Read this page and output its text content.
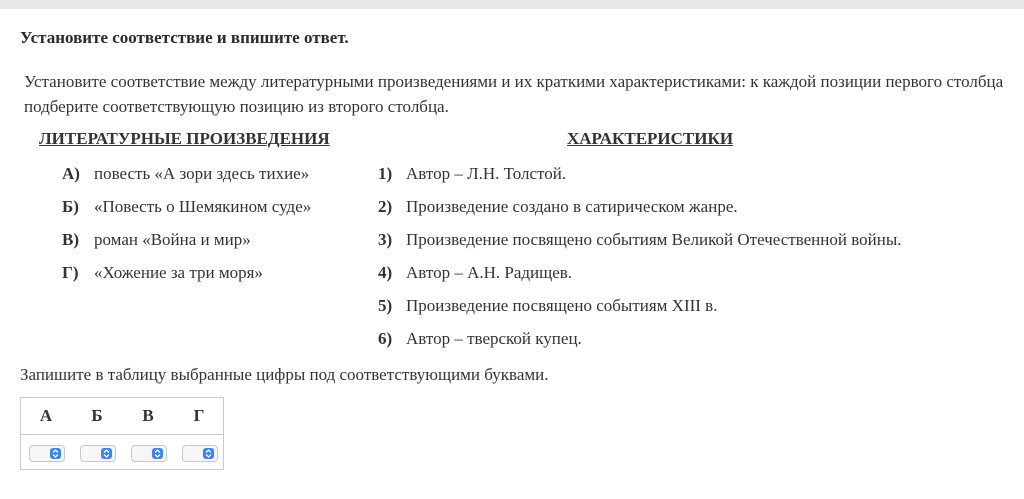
Установите соответствие и впишите ответ.
Установите соответствие между литературными произведениями и их краткими характеристиками: к каждой позиции первого столбца подберите соответствующую позицию из второго столбца.
ЛИТЕРАТУРНЫЕ ПРОИЗВЕДЕНИЯ	ХАРАКТЕРИСТИКИ
А) повесть «А зори здесь тихие»
Б) «Повесть о Шемякином суде»
В) роман «Война и мир»
Г) «Хожение за три моря»
1) Автор – Л.Н. Толстой.
2) Произведение создано в сатирическом жанре.
3) Произведение посвящено событиям Великой Отечественной войны.
4) Автор – А.Н. Радищев.
5) Произведение посвящено событиям XIII в.
6) Автор – тверской купец.
Запишите в таблицу выбранные цифры под соответствующими буквами.
А	Б	В	Г
